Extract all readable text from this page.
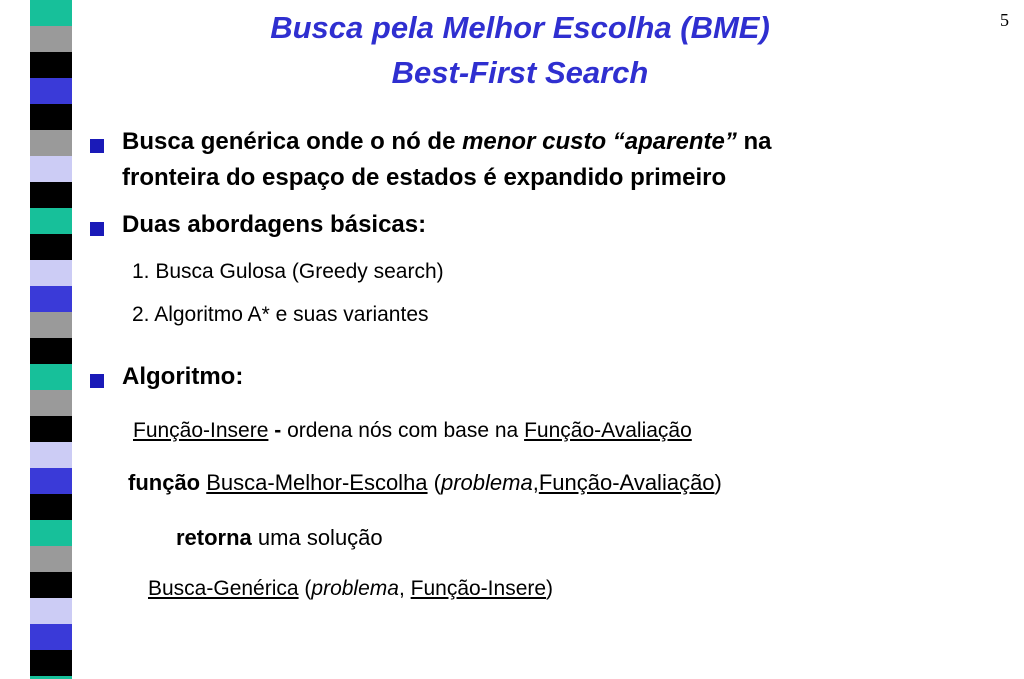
5
Busca pela Melhor Escolha (BME)
Best-First Search
Busca genérica onde o nó de menor custo “aparente” na
fronteira do espaço de estados é expandido primeiro
Duas abordagens básicas:
1. Busca Gulosa (Greedy search)
2. Algoritmo A* e suas variantes
Algoritmo:
Função-Insere - ordena nós com base na Função-Avaliação
função Busca-Melhor-Escolha (problema,Função-Avaliação)
retorna uma solução
Busca-Genérica (problema, Função-Insere)
